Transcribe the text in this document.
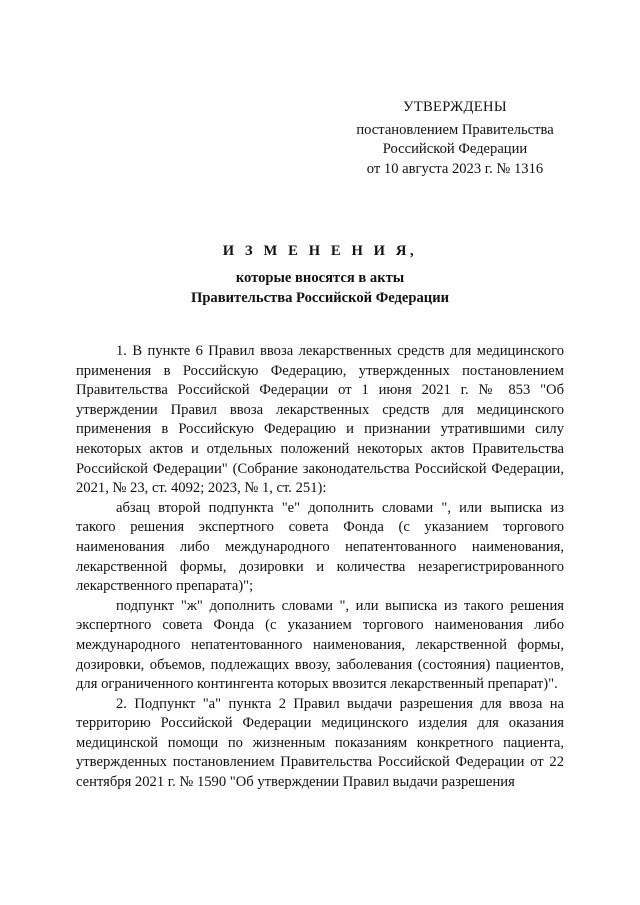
УТВЕРЖДЕНЫ
постановлением Правительства
Российской Федерации
от 10 августа 2023 г. № 1316
И З М Е Н Е Н И Я,
которые вносятся в акты
Правительства Российской Федерации

1. В пункте 6 Правил ввоза лекарственных средств для медицинского применения в Российскую Федерацию, утвержденных постановлением Правительства Российской Федерации от 1 июня 2021 г. № 853 "Об утверждении Правил ввоза лекарственных средств для медицинского применения в Российскую Федерацию и признании утратившими силу некоторых актов и отдельных положений некоторых актов Правительства Российской Федерации" (Собрание законодательства Российской Федерации, 2021, № 23, ст. 4092; 2023, № 1, ст. 251):

абзац второй подпункта "е" дополнить словами ", или выписка из такого решения экспертного совета Фонда (с указанием торгового наименования либо международного непатентованного наименования, лекарственной формы, дозировки и количества незарегистрированного лекарственного препарата)";

подпункт "ж" дополнить словами ", или выписка из такого решения экспертного совета Фонда (с указанием торгового наименования либо международного непатентованного наименования, лекарственной формы, дозировки, объемов, подлежащих ввозу, заболевания (состояния) пациентов, для ограниченного контингента которых ввозится лекарственный препарат)".

2. Подпункт "а" пункта 2 Правил выдачи разрешения для ввоза на территорию Российской Федерации медицинского изделия для оказания медицинской помощи по жизненным показаниям конкретного пациента, утвержденных постановлением Правительства Российской Федерации от 22 сентября 2021 г. № 1590 "Об утверждении Правил выдачи разрешения
